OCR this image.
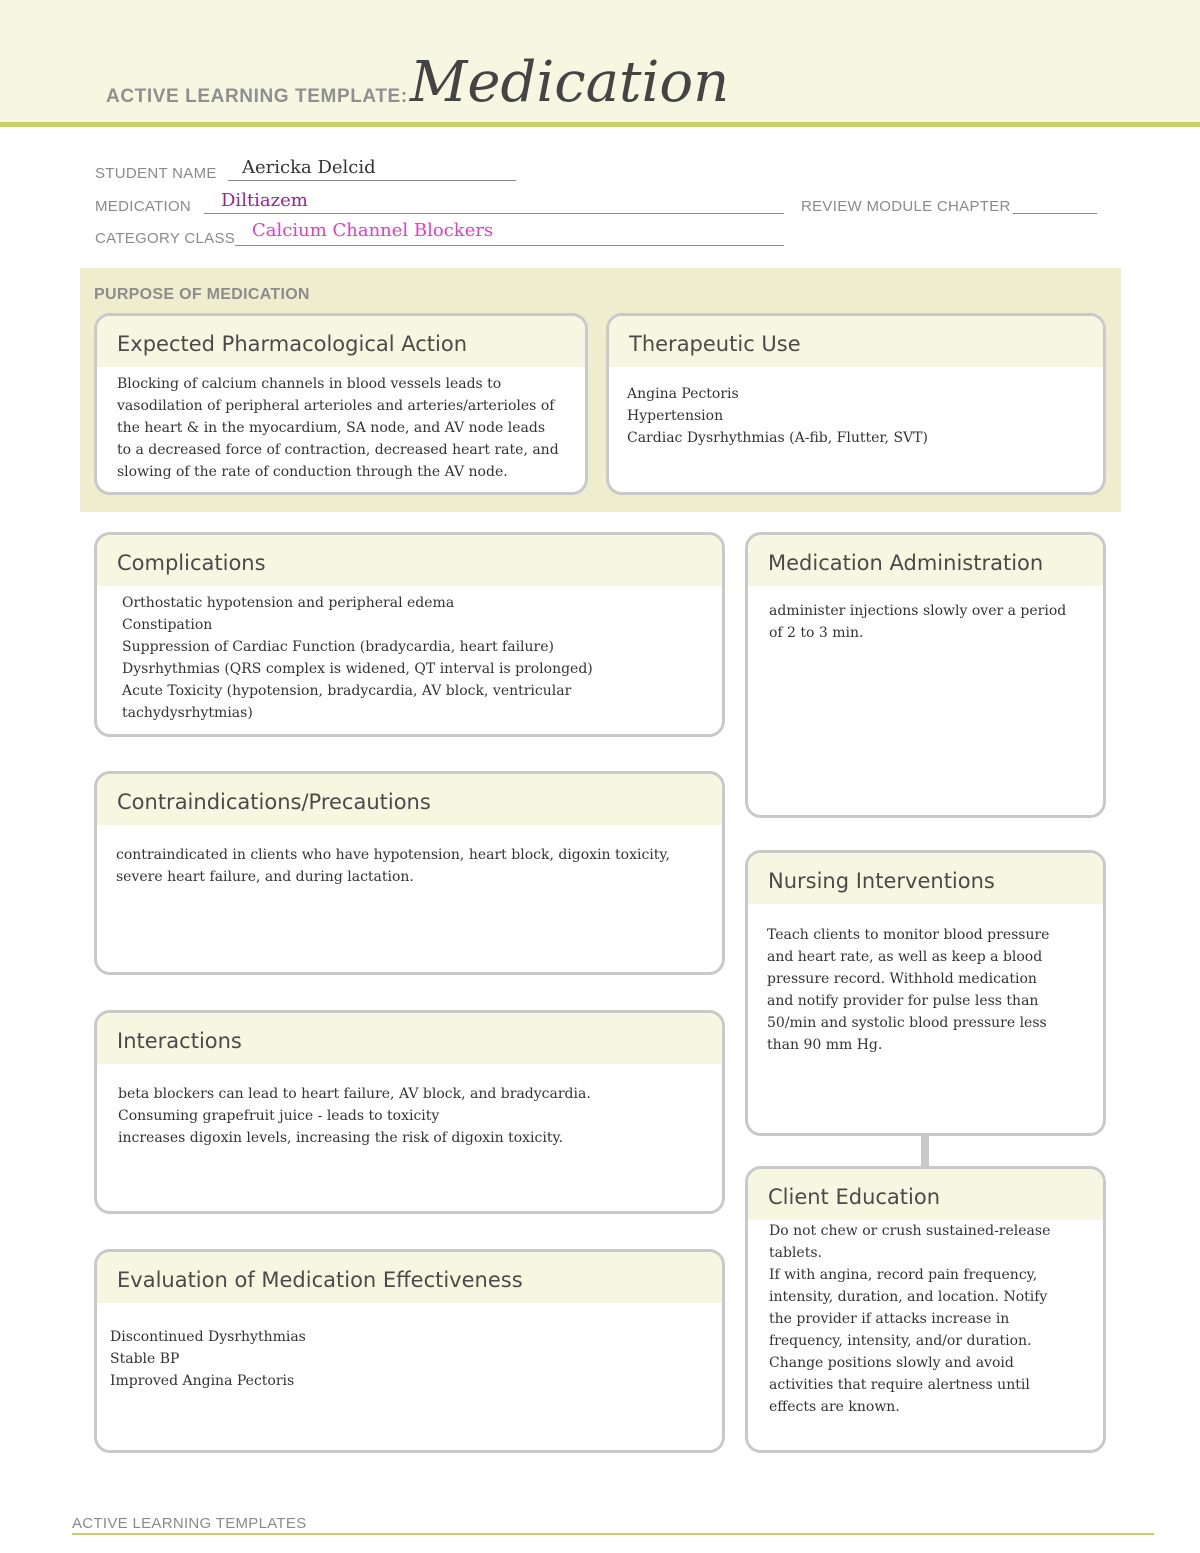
ACTIVE LEARNING TEMPLATE: Medication
STUDENT NAME Aericka Delcid
MEDICATION Diltiazem	REVIEW MODULE CHAPTER
CATEGORY CLASS Calcium Channel Blockers
PURPOSE OF MEDICATION
Expected Pharmacological Action
Blocking of calcium channels in blood vessels leads to
vasodilation of peripheral arterioles and arteries/arterioles of
the heart & in the myocardium, SA node, and AV node leads
to a decreased force of contraction, decreased heart rate, and
slowing of the rate of conduction through the AV node.
Therapeutic Use
Angina Pectoris
Hypertension
Cardiac Dysrhythmias (A-fib, Flutter, SVT)
Complications
Orthostatic hypotension and peripheral edema
Constipation
Suppression of Cardiac Function (bradycardia, heart failure)
Dysrhythmias (QRS complex is widened, QT interval is prolonged)
Acute Toxicity (hypotension, bradycardia, AV block, ventricular
tachydysrhytmias)
Contraindications/Precautions
contraindicated in clients who have hypotension, heart block, digoxin toxicity,
severe heart failure, and during lactation.
Interactions
beta blockers can lead to heart failure, AV block, and bradycardia.
Consuming grapefruit juice - leads to toxicity
increases digoxin levels, increasing the risk of digoxin toxicity.
Evaluation of Medication Effectiveness
Discontinued Dysrhythmias
Stable BP
Improved Angina Pectoris
Medication Administration
administer injections slowly over a period
of 2 to 3 min.
Nursing Interventions
Teach clients to monitor blood pressure
and heart rate, as well as keep a blood
pressure record. Withhold medication
and notify provider for pulse less than
50/min and systolic blood pressure less
than 90 mm Hg.
Client Education
Do not chew or crush sustained-release
tablets.
If with angina, record pain frequency,
intensity, duration, and location. Notify
the provider if attacks increase in
frequency, intensity, and/or duration.
Change positions slowly and avoid
activities that require alertness until
effects are known.
ACTIVE LEARNING TEMPLATES
